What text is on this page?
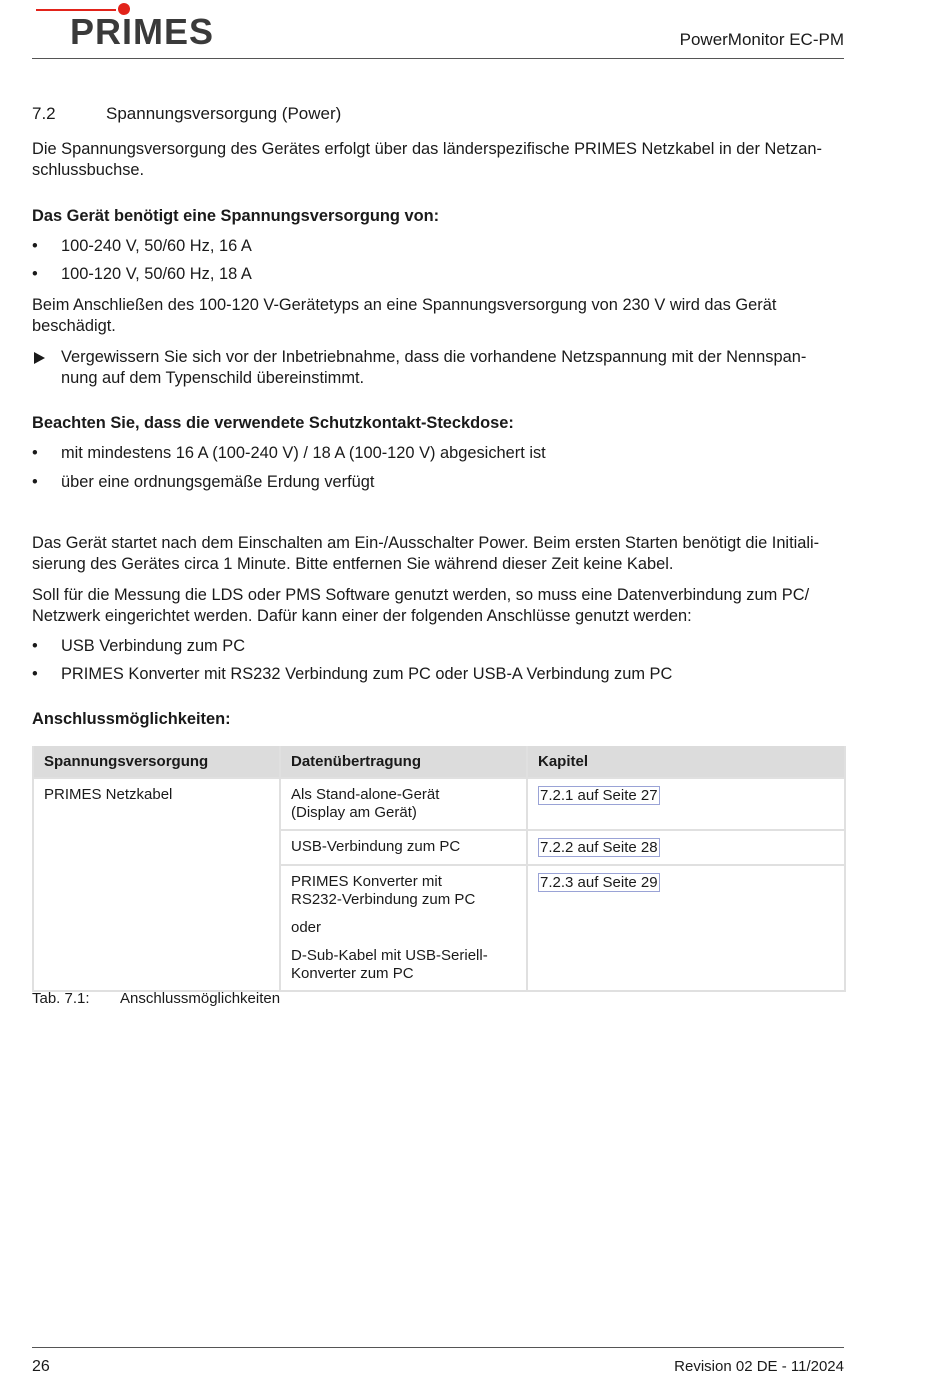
PRIMES	PowerMonitor EC-PM
7.2	Spannungsversorgung (Power)
Die Spannungsversorgung des Gerätes erfolgt über das länderspezifische PRIMES Netzkabel in der Netzan-
schlussbuchse.
Das Gerät benötigt eine Spannungsversorgung von:
• 100-240 V, 50/60 Hz, 16 A
• 100-120 V, 50/60 Hz, 18 A
Beim Anschließen des 100-120 V-Gerätetyps an eine Spannungsversorgung von 230 V wird das Gerät
beschädigt.
Vergewissern Sie sich vor der Inbetriebnahme, dass die vorhandene Netzspannung mit der Nennspan-
nung auf dem Typenschild übereinstimmt.
Beachten Sie, dass die verwendete Schutzkontakt-Steckdose:
• mit mindestens 16 A (100-240 V) / 18 A (100-120 V) abgesichert ist
• über eine ordnungsgemäße Erdung verfügt
Das Gerät startet nach dem Einschalten am Ein-/Ausschalter Power. Beim ersten Starten benötigt die Initiali-
sierung des Gerätes circa 1 Minute. Bitte entfernen Sie während dieser Zeit keine Kabel.
Soll für die Messung die LDS oder PMS Software genutzt werden, so muss eine Datenverbindung zum PC/
Netzwerk eingerichtet werden. Dafür kann einer der folgenden Anschlüsse genutzt werden:
• USB Verbindung zum PC
• PRIMES Konverter mit RS232 Verbindung zum PC oder USB-A Verbindung zum PC
Anschlussmöglichkeiten:
Spannungsversorgung	Datenübertragung	Kapitel
PRIMES Netzkabel	Als Stand-alone-Gerät
(Display am Gerät)	7.2.1 auf Seite 27

	USB-Verbindung zum PC	7.2.2 auf Seite 28

	PRIMES Konverter mit
RS232-Verbindung zum PC
oder
D-Sub-Kabel mit USB-Seriell-
Konverter zum PC	7.2.3 auf Seite 29
Tab. 7.1: Anschlussmöglichkeiten
26	Revision 02 DE - 11/2024
